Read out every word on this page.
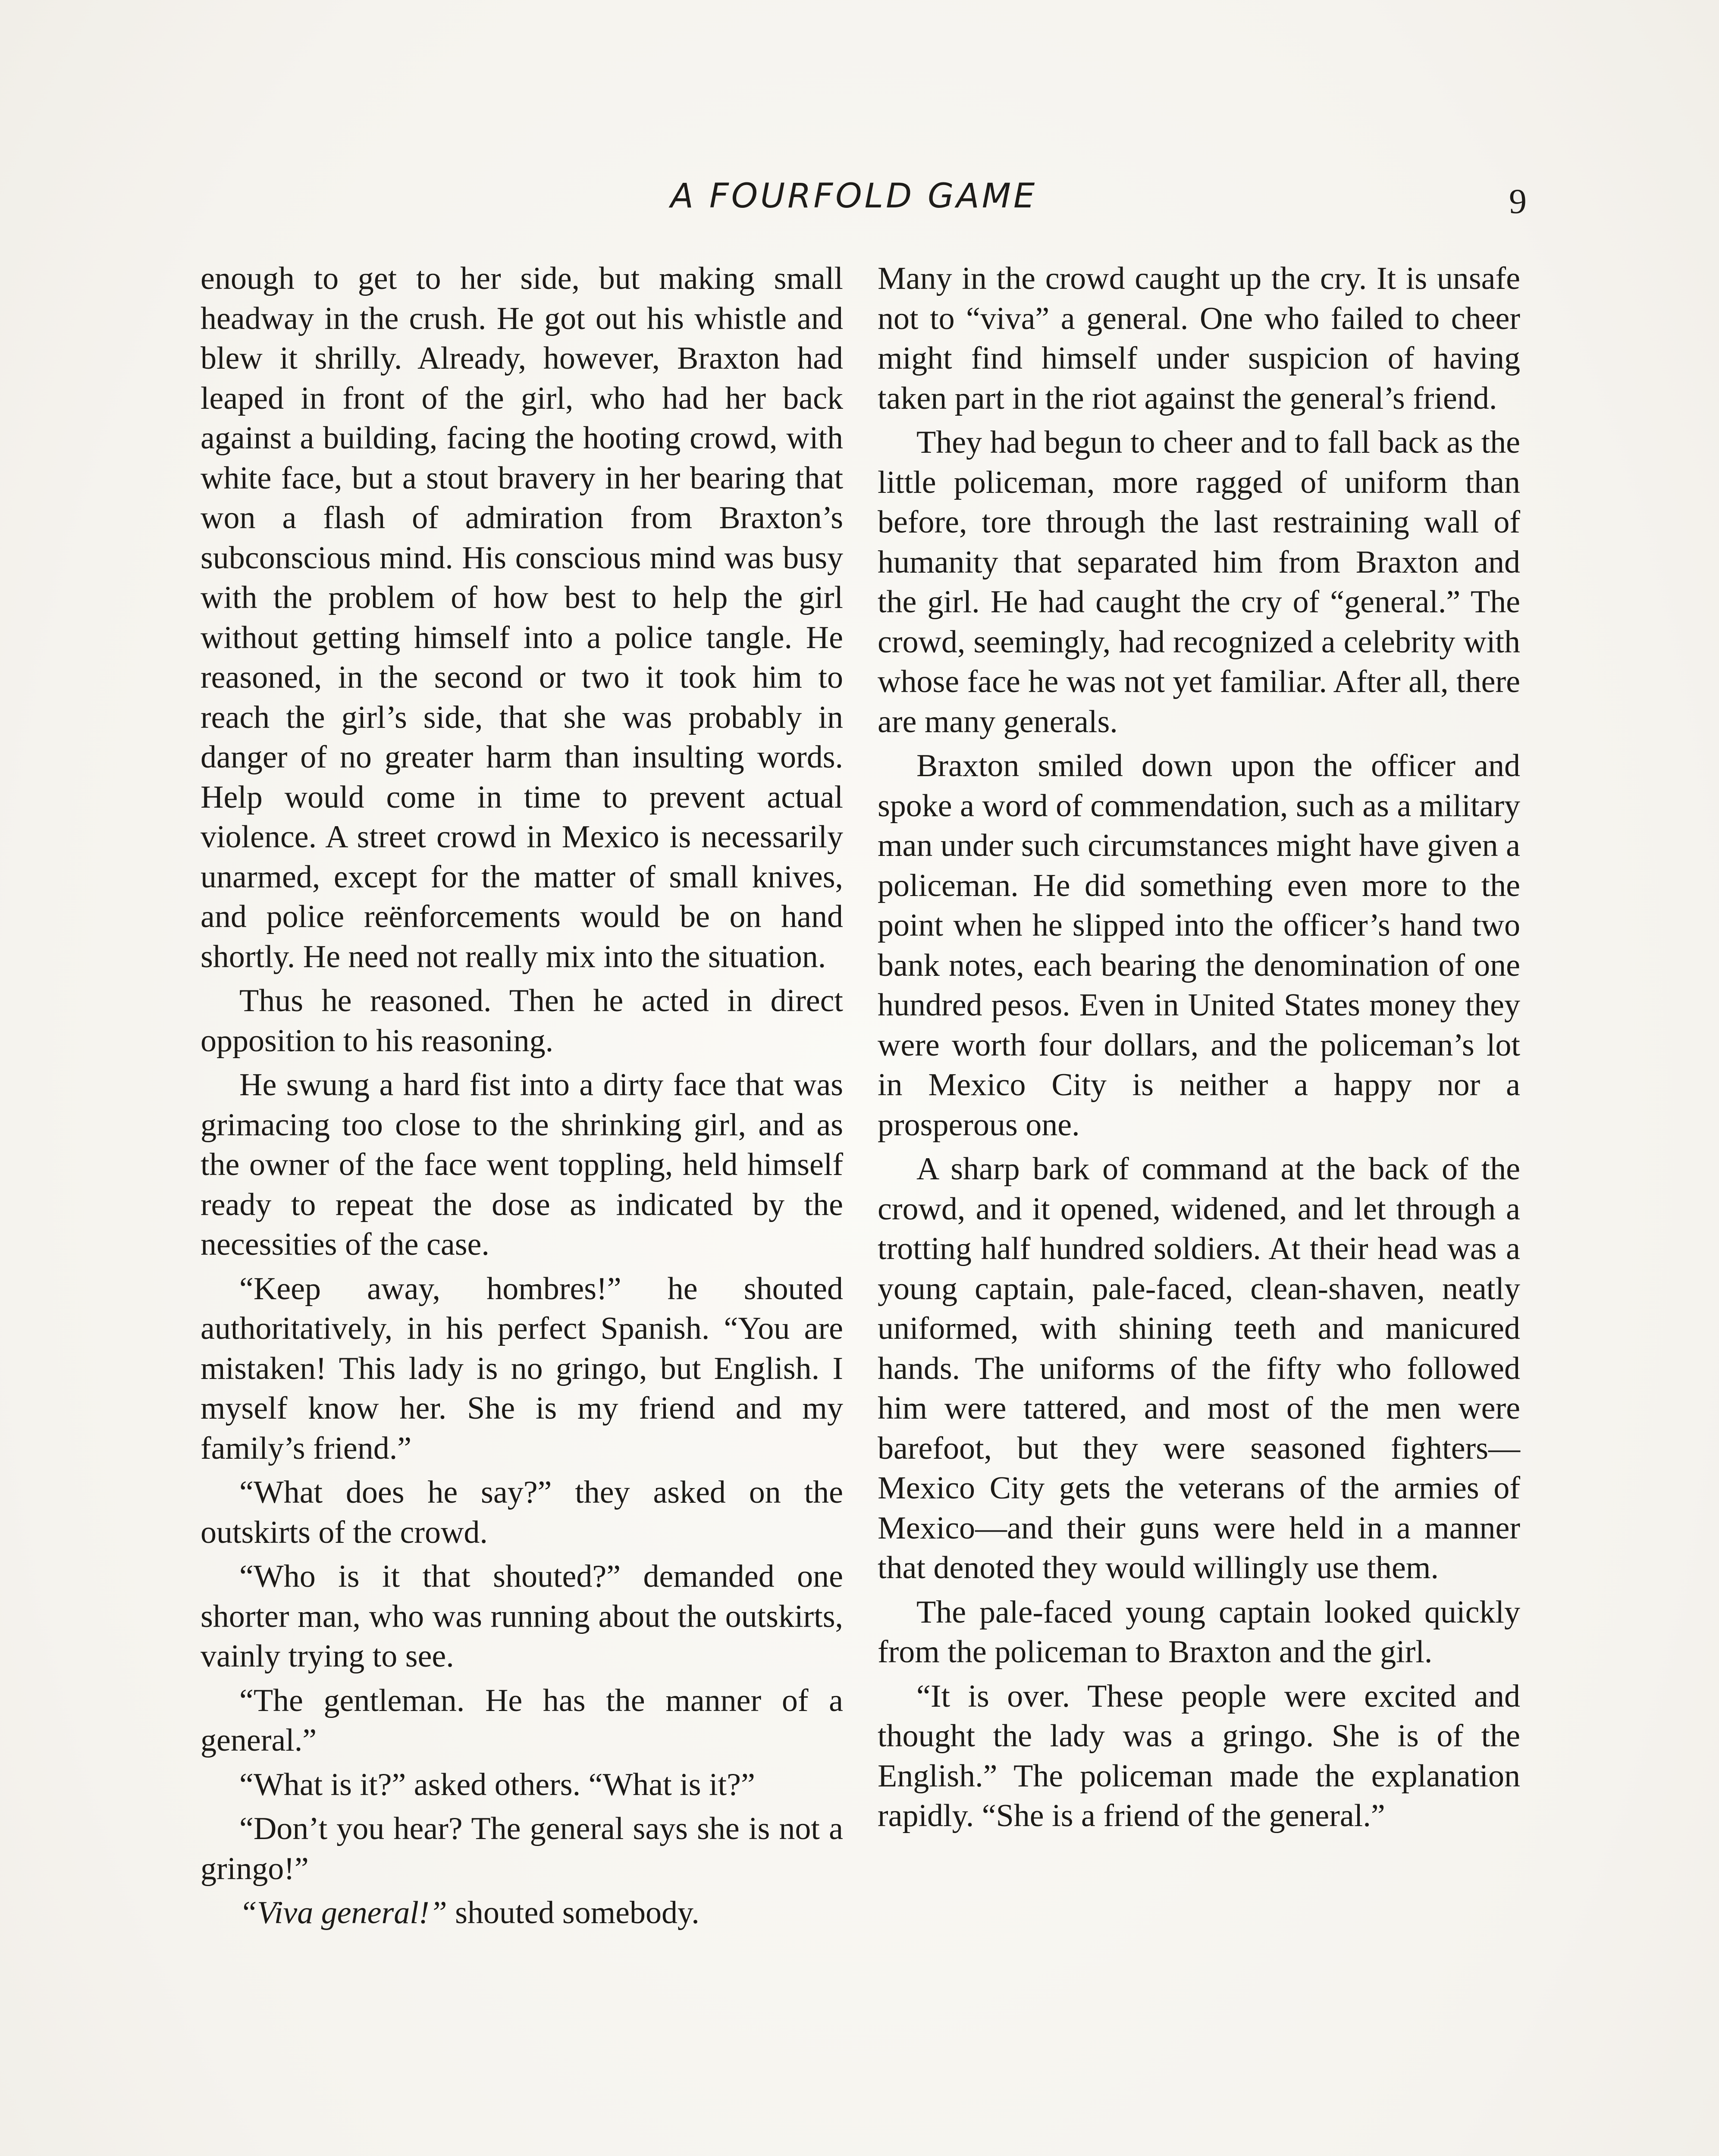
A FOURFOLD GAME	9

enough to get to her side, but making small headway in the crush. He got out his whistle and blew it shrilly. Already, however, Braxton had leaped in front of the girl, who had her back against a building, facing the hooting crowd, with white face, but a stout bravery in her bearing that won a flash of admiration from Braxton’s subconscious mind. His conscious mind was busy with the problem of how best to help the girl without getting himself into a police tangle. He reasoned, in the second or two it took him to reach the girl’s side, that she was probably in danger of no greater harm than insulting words. Help would come in time to prevent actual violence. A street crowd in Mexico is necessarily unarmed, except for the matter of small knives, and police reënforcements would be on hand shortly. He need not really mix into the situation.

Thus he reasoned. Then he acted in direct opposition to his reasoning.

He swung a hard fist into a dirty face that was grimacing too close to the shrinking girl, and as the owner of the face went toppling, held himself ready to repeat the dose as indicated by the necessities of the case.

“Keep away, hombres!” he shouted authoritatively, in his perfect Spanish. “You are mistaken! This lady is no gringo, but English. I myself know her. She is my friend and my family’s friend.”

“What does he say?” they asked on the outskirts of the crowd.

“Who is it that shouted?” demanded one shorter man, who was running about the outskirts, vainly trying to see.

“The gentleman. He has the manner of a general.”

“What is it?” asked others. “What is it?”

“Don’t you hear? The general says she is not a gringo!”

“Viva general!” shouted somebody.

Many in the crowd caught up the cry. It is unsafe not to “viva” a general. One who failed to cheer might find himself under suspicion of having taken part in the riot against the general’s friend.

They had begun to cheer and to fall back as the little policeman, more ragged of uniform than before, tore through the last restraining wall of humanity that separated him from Braxton and the girl. He had caught the cry of “general.” The crowd, seemingly, had recognized a celebrity with whose face he was not yet familiar. After all, there are many generals.

Braxton smiled down upon the officer and spoke a word of commendation, such as a military man under such circumstances might have given a policeman. He did something even more to the point when he slipped into the officer’s hand two bank notes, each bearing the denomination of one hundred pesos. Even in United States money they were worth four dollars, and the policeman’s lot in Mexico City is neither a happy nor a prosperous one.

A sharp bark of command at the back of the crowd, and it opened, widened, and let through a trotting half hundred soldiers. At their head was a young captain, pale-faced, clean-shaven, neatly uniformed, with shining teeth and manicured hands. The uniforms of the fifty who followed him were tattered, and most of the men were barefoot, but they were seasoned fighters—Mexico City gets the veterans of the armies of Mexico—and their guns were held in a manner that denoted they would willingly use them.

The pale-faced young captain looked quickly from the policeman to Braxton and the girl.

“It is over. These people were excited and thought the lady was a gringo. She is of the English.” The policeman made the explanation rapidly. “She is a friend of the general.”
